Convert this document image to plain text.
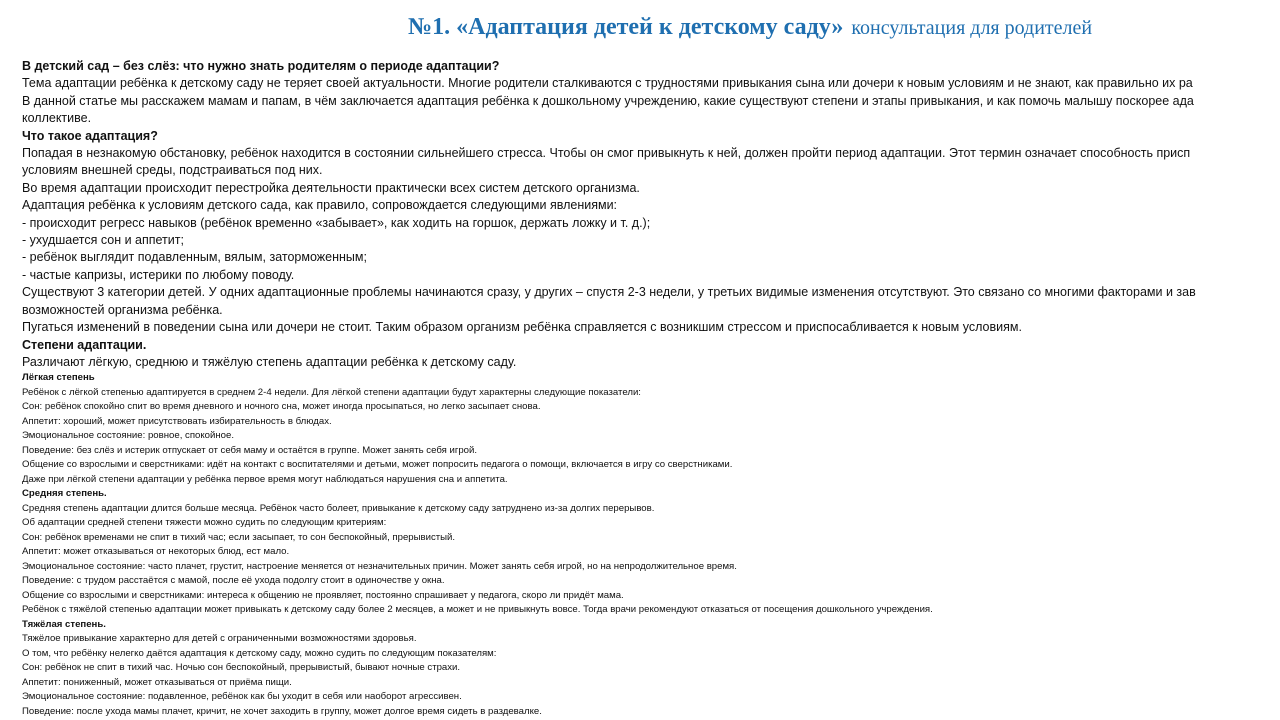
№1. «Адаптация детей к детскому саду» консультация для родителей
В детский сад – без слёз: что нужно знать родителям о периоде адаптации?
Тема адаптации ребёнка к детскому саду не теряет своей актуальности. Многие родители сталкиваются с трудностями привыкания сына или дочери к новым условиям и не знают, как правильно их ра
В данной статье мы расскажем мамам и папам, в чём заключается адаптация ребёнка к дошкольному учреждению, какие существуют степени и этапы привыкания, и как помочь малышу поскорее ада
коллективе.
Что такое адаптация?
Попадая в незнакомую обстановку, ребёнок находится в состоянии сильнейшего стресса. Чтобы он смог привыкнуть к ней, должен пройти период адаптации. Этот термин означает способность присп
условиям внешней среды, подстраиваться под них.
Во время адаптации происходит перестройка деятельности практически всех систем детского организма.
Адаптация ребёнка к условиям детского сада, как правило, сопровождается следующими явлениями:
- происходит регресс навыков (ребёнок временно «забывает», как ходить на горшок, держать ложку и т. д.);
- ухудшается сон и аппетит;
- ребёнок выглядит подавленным, вялым, заторможенным;
- частые капризы, истерики по любому поводу.
Существуют 3 категории детей. У одних адаптационные проблемы начинаются сразу, у других – спустя 2-3 недели, у третьих видимые изменения отсутствуют. Это связано со многими факторами и зав
возможностей организма ребёнка.
Пугаться изменений в поведении сына или дочери не стоит. Таким образом организм ребёнка справляется с возникшим стрессом и приспосабливается к новым условиям.
Степени адаптации.
Различают лёгкую, среднюю и тяжёлую степень адаптации ребёнка к детскому саду.
Лёгкая степень
Ребёнок с лёгкой степенью адаптируется в среднем 2-4 недели. Для лёгкой степени адаптации будут характерны следующие показатели:
Сон: ребёнок спокойно спит во время дневного и ночного сна, может иногда просыпаться, но легко засыпает снова.
Аппетит: хороший, может присутствовать избирательность в блюдах.
Эмоциональное состояние: ровное, спокойное.
Поведение: без слёз и истерик отпускает от себя маму и остаётся в группе. Может занять себя игрой.
Общение со взрослыми и сверстниками: идёт на контакт с воспитателями и детьми, может попросить педагога о помощи, включается в игру со сверстниками.
Даже при лёгкой степени адаптации у ребёнка первое время могут наблюдаться нарушения сна и аппетита.
Средняя степень.
Средняя степень адаптации длится больше месяца. Ребёнок часто болеет, привыкание к детскому саду затруднено из-за долгих перерывов.
Об адаптации средней степени тяжести можно судить по следующим критериям:
Сон: ребёнок временами не спит в тихий час; если засыпает, то сон беспокойный, прерывистый.
Аппетит: может отказываться от некоторых блюд, ест мало.
Эмоциональное состояние: часто плачет, грустит, настроение меняется от незначительных причин. Может занять себя игрой, но на непродолжительное время.
Поведение: с трудом расстаётся с мамой, после её ухода подолгу стоит в одиночестве у окна.
Общение со взрослыми и сверстниками: интереса к общению не проявляет, постоянно спрашивает у педагога, скоро ли придёт мама.
Ребёнок с тяжёлой степенью адаптации может привыкать к детскому саду более 2 месяцев, а может и не привыкнуть вовсе. Тогда врачи рекомендуют отказаться от посещения дошкольного учреждения.
Тяжёлая степень.
Тяжёлое привыкание характерно для детей с ограниченными возможностями здоровья.
О том, что ребёнку нелегко даётся адаптация к детскому саду, можно судить по следующим показателям:
Сон: ребёнок не спит в тихий час. Ночью сон беспокойный, прерывистый, бывают ночные страхи.
Аппетит: пониженный, может отказываться от приёма пищи.
Эмоциональное состояние: подавленное, ребёнок как бы уходит в себя или наоборот агрессивен.
Поведение: после ухода мамы плачет, кричит, не хочет заходить в группу, может долгое время сидеть в раздевалке.
